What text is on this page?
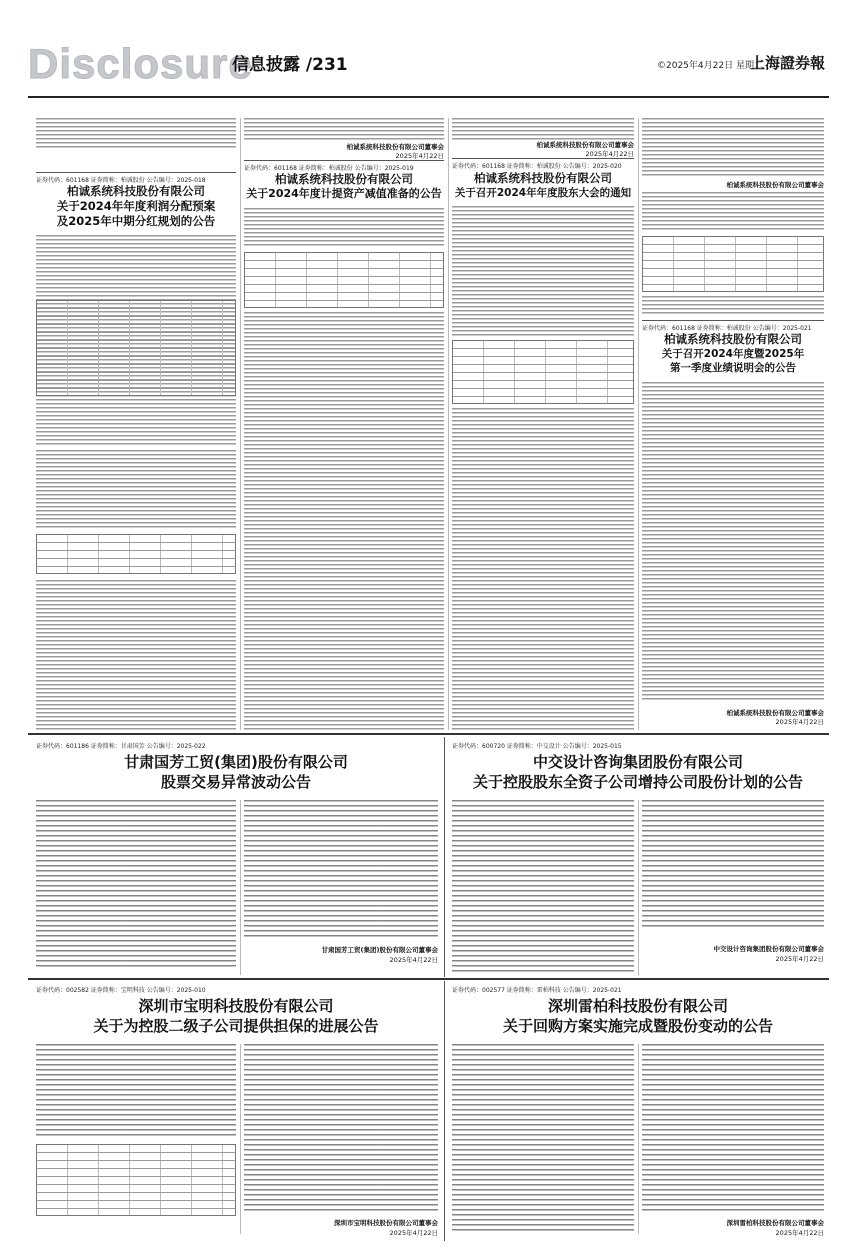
Disclosure
信息披露 /231	©2025年4月22日 星期二
上海證券報
证券代码：601168 证券简称：柏诚股份 公告编号：2025-018
柏诚系统科技股份有限公司
关于2024年年度利润分配预案
及2025年中期分红规划的公告
柏诚系统科技股份有限公司董事会
2025年4月22日
证券代码：601168 证券简称：柏诚股份 公告编号：2025-019
柏诚系统科技股份有限公司
关于2024年度计提资产减值准备的公告
柏诚系统科技股份有限公司董事会
2025年4月22日
证券代码：601168 证券简称：柏诚股份 公告编号：2025-020
柏诚系统科技股份有限公司
关于召开2024年年度股东大会的通知
柏诚系统科技股份有限公司董事会
证券代码：601168 证券简称：柏诚股份 公告编号：2025-021
柏诚系统科技股份有限公司
关于召开2024年度暨2025年
第一季度业绩说明会的公告
柏诚系统科技股份有限公司董事会
2025年4月22日
证券代码：601186 证券简称：甘肃国芳 公告编号：2025-022
甘肃国芳工贸(集团)股份有限公司
股票交易异常波动公告
甘肃国芳工贸(集团)股份有限公司董事会
2025年4月22日
证券代码：600720 证券简称：中交设计 公告编号：2025-015
中交设计咨询集团股份有限公司
关于控股股东全资子公司增持公司股份计划的公告
中交设计咨询集团股份有限公司董事会
2025年4月22日
证券代码：002582 证券简称：宝明科技 公告编号：2025-010
深圳市宝明科技股份有限公司
关于为控股二级子公司提供担保的进展公告
深圳市宝明科技股份有限公司董事会
2025年4月22日
证券代码：002577 证券简称：雷柏科技 公告编号：2025-021
深圳雷柏科技股份有限公司
关于回购方案实施完成暨股份变动的公告
深圳雷柏科技股份有限公司董事会
2025年4月22日
